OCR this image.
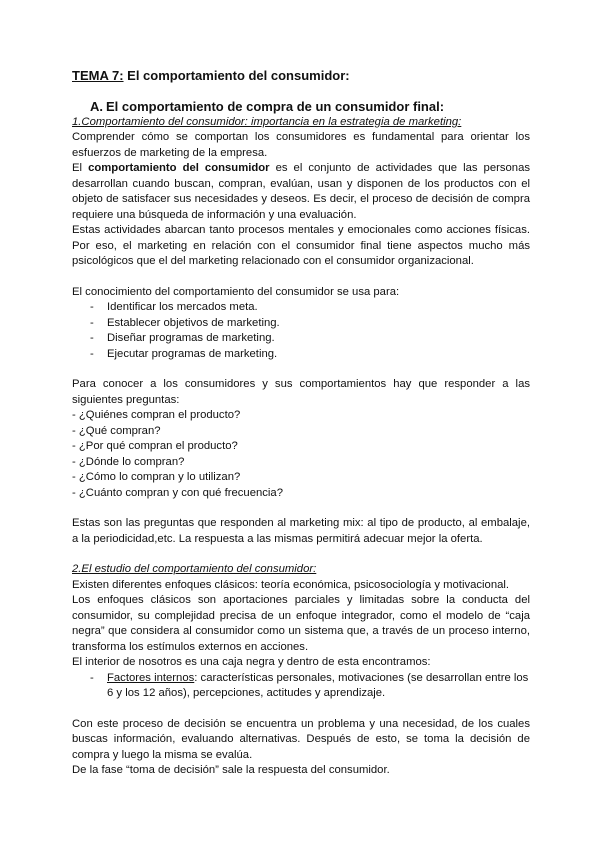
TEMA 7: El comportamiento del consumidor:
A. El comportamiento de compra de un consumidor final:
1.Comportamiento del consumidor: importancia en la estrategia de marketing:

Comprender cómo se comportan los consumidores es fundamental para orientar los esfuerzos de marketing de la empresa.

El comportamiento del consumidor es el conjunto de actividades que las personas desarrollan cuando buscan, compran, evalúan, usan y disponen de los productos con el objeto de satisfacer sus necesidades y deseos. Es decir, el proceso de decisión de compra requiere una búsqueda de información y una evaluación.

Estas actividades abarcan tanto procesos mentales y emocionales como acciones físicas. Por eso, el marketing en relación con el consumidor final tiene aspectos mucho más psicológicos que el del marketing relacionado con el consumidor organizacional.

El conocimiento del comportamiento del consumidor se usa para:

- Identificar los mercados meta.
- Establecer objetivos de marketing.
- Diseñar programas de marketing.
- Ejecutar programas de marketing.

Para conocer a los consumidores y sus comportamientos hay que responder a las siguientes preguntas:

- ¿Quiénes compran el producto?
- ¿Qué compran?
- ¿Por qué compran el producto?
- ¿Dónde lo compran?
- ¿Cómo lo compran y lo utilizan?
- ¿Cuánto compran y con qué frecuencia?

Estas son las preguntas que responden al marketing mix: al tipo de producto, al embalaje, a la periodicidad,etc. La respuesta a las mismas permitirá adecuar mejor la oferta.

2.El estudio del comportamiento del consumidor:

Existen diferentes enfoques clásicos: teoría económica, psicosociología y motivacional.

Los enfoques clásicos son aportaciones parciales y limitadas sobre la conducta del consumidor, su complejidad precisa de un enfoque integrador, como el modelo de “caja negra” que considera al consumidor como un sistema que, a través de un proceso interno, transforma los estímulos externos en acciones.

El interior de nosotros es una caja negra y dentro de esta encontramos:

- Factores internos: características personales, motivaciones (se desarrollan entre los 6 y los 12 años), percepciones, actitudes y aprendizaje.

Con este proceso de decisión se encuentra un problema y una necesidad, de los cuales buscas información, evaluando alternativas. Después de esto, se toma la decisión de compra y luego la misma se evalúa.

De la fase “toma de decisión” sale la respuesta del consumidor.
